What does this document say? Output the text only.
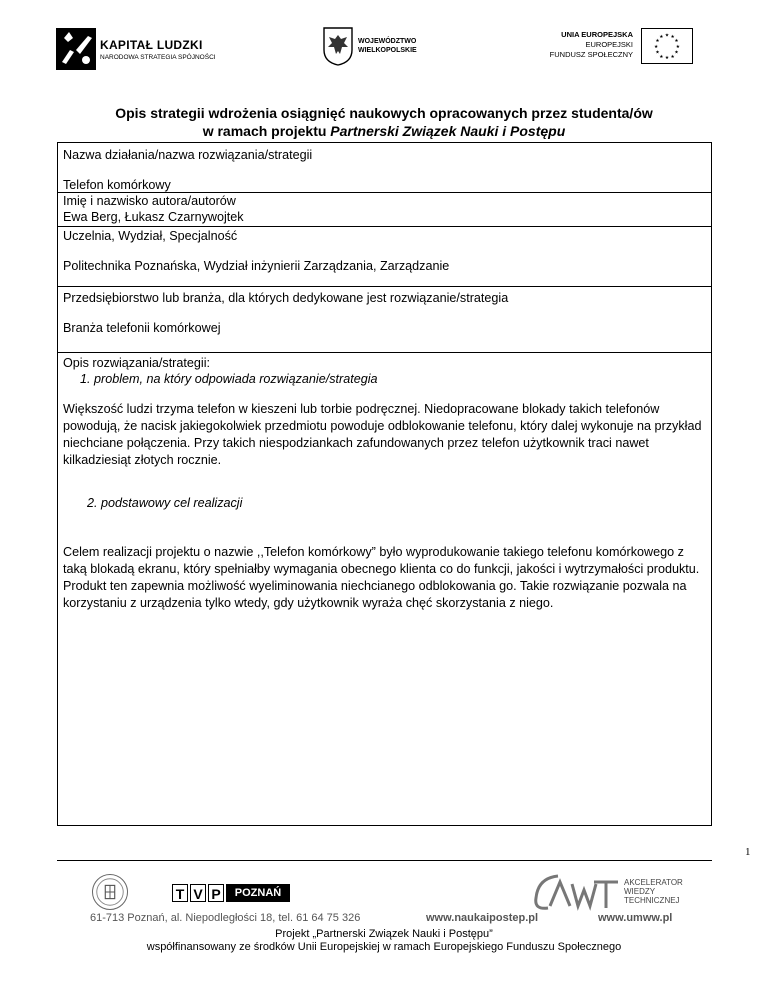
KAPITAŁ LUDZKI
NARODOWA STRATEGIA SPÓJNOŚCI
WOJEWÓDZTWO
WIELKOPOLSKIE
UNIA EUROPEJSKA
EUROPEJSKI
FUNDUSZ SPOŁECZNY
★ ★
★
★
★
★
★
★
★
★
★
★
Opis strategii wdrożenia osiągnięć naukowych opracowanych przez studenta/ów
w ramach projektu Partnerski Związek Nauki i Postępu
Nazwa działania/nazwa rozwiązania/strategii
Telefon komórkowy
Imię i nazwisko autora/autorów
Ewa Berg, Łukasz Czarnywojtek
Uczelnia, Wydział, Specjalność
Politechnika Poznańska, Wydział inżynierii Zarządzania, Zarządzanie
Przedsiębiorstwo lub branża, dla których dedykowane jest rozwiązanie/strategia
Branża telefonii komórkowej
Opis rozwiązania/strategii:
1. problem, na który odpowiada rozwiązanie/strategia
Większość ludzi trzyma telefon w kieszeni lub torbie podręcznej. Niedopracowane blokady takich telefonów powodują, że nacisk jakiegokolwiek przedmiotu powoduje odblokowanie telefonu, który dalej wykonuje na przykład niechciane połączenia. Przy takich niespodziankach zafundowanych przez telefon użytkownik traci nawet kilkadziesiąt złotych rocznie.
2. podstawowy cel realizacji
Celem realizacji projektu o nazwie ,,Telefon komórkowy” było wyprodukowanie takiego telefonu komórkowego z taką blokadą ekranu, który spełniałby wymagania obecnego klienta co do funkcji, jakości i wytrzymałości produktu. Produkt ten zapewnia możliwość wyeliminowania niechcianego odblokowania go. Takie rozwiązanie pozwala na korzystaniu z urządzenia tylko wtedy, gdy użytkownik wyraża chęć skorzystania z niego.
1
T V P POZNAŃ
AKCELERATOR
WIEDZY
TECHNICZNEJ
61-713 Poznań, al. Niepodległości 18, tel. 61 64 75 326	www.naukaipostep.pl	www.umww.pl
Projekt „Partnerski Związek Nauki i Postępu”
współfinansowany ze środków Unii Europejskiej w ramach Europejskiego Funduszu Społecznego
